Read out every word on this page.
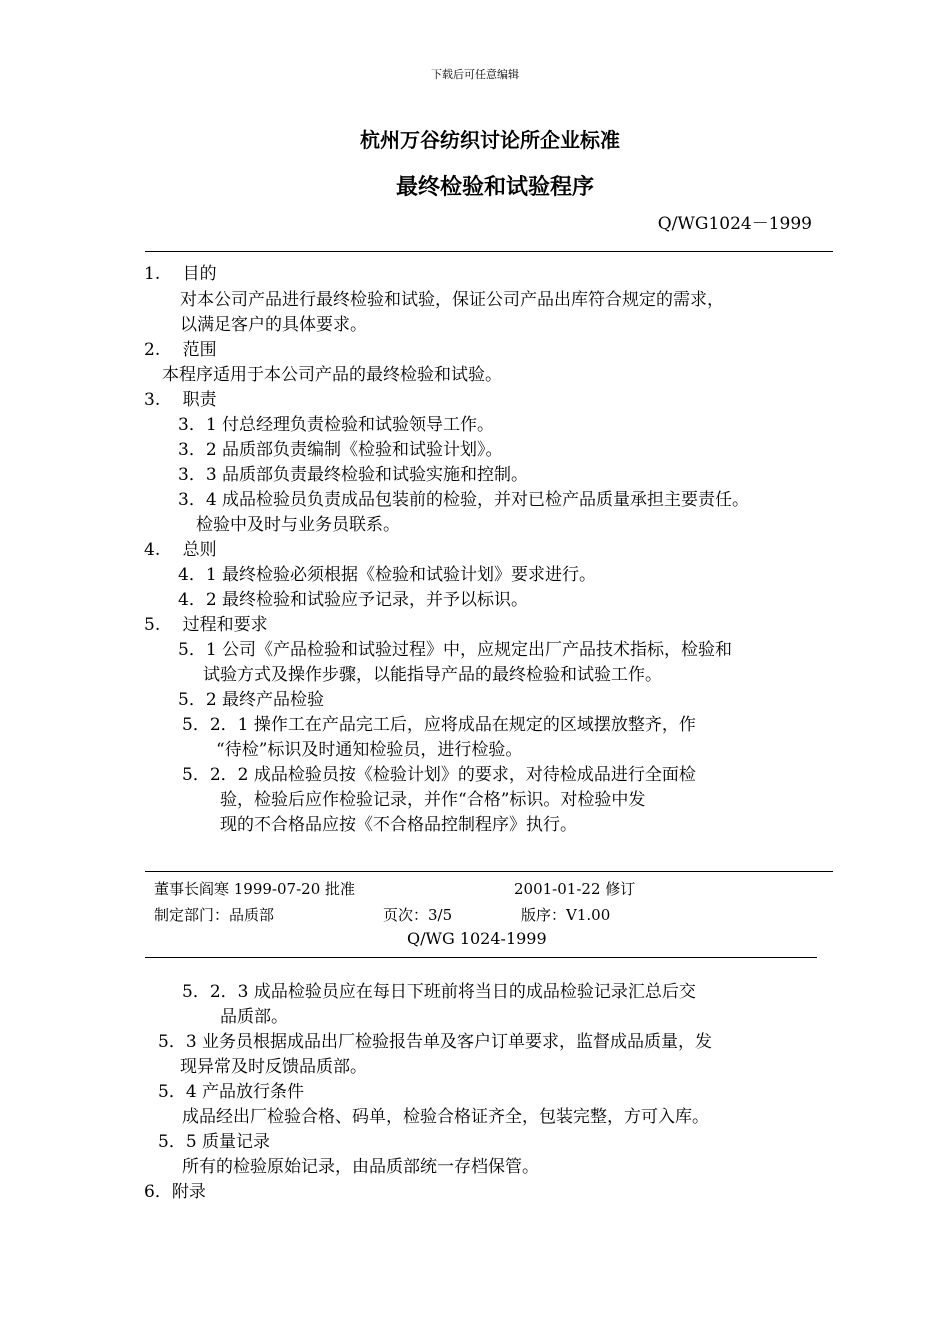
下载后可任意编辑
杭州万谷纺织讨论所企业标准
最终检验和试验程序
Q/WG1024－1999
1.　 目的
对本公司产品进行最终检验和试验，保证公司产品出库符合规定的需求，
以满足客户的具体要求。
2.　 范围
本程序适用于本公司产品的最终检验和试验。
3.　 职责
3．1 付总经理负责检验和试验领导工作。
3．2 品质部负责编制《检验和试验计划》。
3．3 品质部负责最终检验和试验实施和控制。
3．4 成品检验员负责成品包装前的检验，并对已检产品质量承担主要责任。
检验中及时与业务员联系。
4.　 总则
4．1 最终检验必须根据《检验和试验计划》要求进行。
4．2 最终检验和试验应予记录，并予以标识。
5.　 过程和要求
5．1 公司《产品检验和试验过程》中，应规定出厂产品技术指标，检验和
试验方式及操作步骤，以能指导产品的最终检验和试验工作。
5．2 最终产品检验
5．2．1 操作工在产品完工后，应将成品在规定的区域摆放整齐，作
“待检”标识及时通知检验员，进行检验。
5．2．2 成品检验员按《检验计划》的要求，对待检成品进行全面检
验，检验后应作检验记录，并作“合格”标识。对检验中发
现的不合格品应按《不合格品控制程序》执行。
董事长阎寒 1999-07-20 批准	2001-01-22 修订
制定部门：品质部	页次：3/5	版序：V1.00
Q/WG 1024-1999
5．2．3 成品检验员应在每日下班前将当日的成品检验记录汇总后交
品质部。
5．3 业务员根据成品出厂检验报告单及客户订单要求，监督成品质量，发
现异常及时反馈品质部。
5．4 产品放行条件
成品经出厂检验合格、码单，检验合格证齐全，包装完整，方可入库。
5．5 质量记录
所有的检验原始记录，由品质部统一存档保管。
6．附录
